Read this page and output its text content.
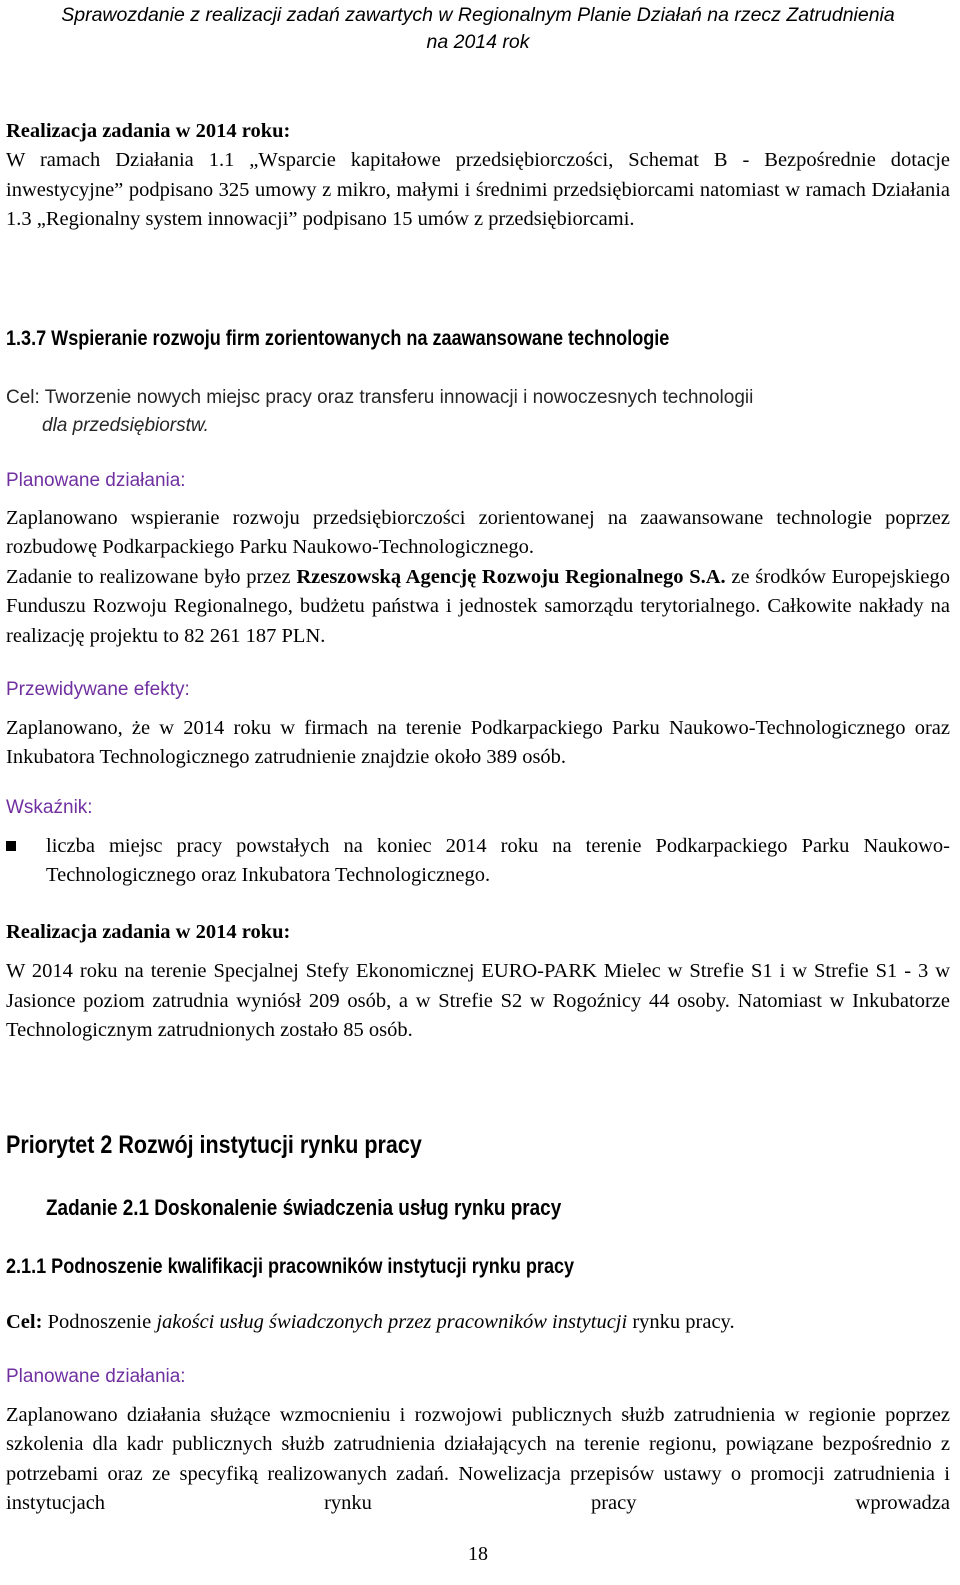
Sprawozdanie z realizacji zadań zawartych w Regionalnym Planie Działań na rzecz Zatrudnienia
na 2014 rok

Realizacja zadania w 2014 roku:

W ramach Działania 1.1 „Wsparcie kapitałowe przedsiębiorczości, Schemat B - Bezpośrednie dotacje inwestycyjne” podpisano 325 umowy z mikro, małymi i średnimi przedsiębiorcami natomiast w ramach Działania 1.3 „Regionalny system innowacji” podpisano 15 umów z przedsiębiorcami.

1.3.7 Wspieranie rozwoju firm zorientowanych na zaawansowane technologie
Cel: Tworzenie nowych miejsc pracy oraz transferu innowacji i nowoczesnych technologii
dla przedsiębiorstw.
Planowane działania:

Zaplanowano wspieranie rozwoju przedsiębiorczości zorientowanej na zaawansowane technologie poprzez rozbudowę Podkarpackiego Parku Naukowo-Technologicznego.

Zadanie to realizowane było przez Rzeszowską Agencję Rozwoju Regionalnego S.A. ze środków Europejskiego Funduszu Rozwoju Regionalnego, budżetu państwa i jednostek samorządu terytorialnego. Całkowite nakłady na realizację projektu to 82 261 187 PLN.

Przewidywane efekty:

Zaplanowano, że w 2014 roku w firmach na terenie Podkarpackiego Parku Naukowo-Technologicznego oraz Inkubatora Technologicznego zatrudnienie znajdzie około 389 osób.

Wskaźnik:

liczba miejsc pracy powstałych na koniec 2014 roku na terenie Podkarpackiego Parku Naukowo-Technologicznego oraz Inkubatora Technologicznego.

Realizacja zadania w 2014 roku:

W 2014 roku na terenie Specjalnej Stefy Ekonomicznej EURO-PARK Mielec w Strefie S1 i w Strefie S1 - 3 w Jasionce poziom zatrudnia wyniósł 209 osób, a w Strefie S2 w Rogoźnicy 44 osoby. Natomiast w Inkubatorze Technologicznym zatrudnionych zostało 85 osób.

Priorytet 2 Rozwój instytucji rynku pracy
Zadanie 2.1 Doskonalenie świadczenia usług rynku pracy
2.1.1 Podnoszenie kwalifikacji pracowników instytucji rynku pracy

Cel: Podnoszenie jakości usług świadczonych przez pracowników instytucji rynku pracy.

Planowane działania:

Zaplanowano działania służące wzmocnieniu i rozwojowi publicznych służb zatrudnienia w regionie poprzez szkolenia dla kadr publicznych służb zatrudnienia działających na terenie regionu, powiązane bezpośrednio z potrzebami oraz ze specyfiką realizowanych zadań. Nowelizacja przepisów ustawy o promocji zatrudnienia i instytucjach rynku pracy wprowadza

18
